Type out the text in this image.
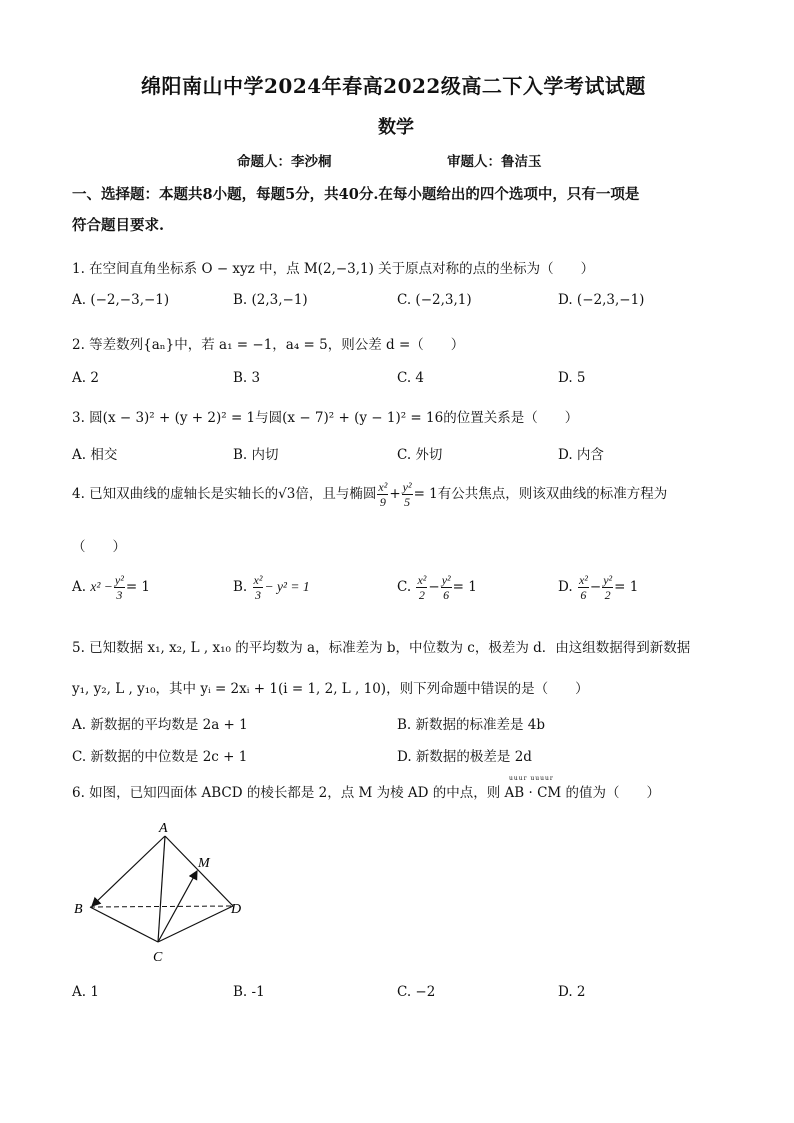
绵阳南山中学2024年春高2022级高二下入学考试试题
数学
命题人：李沙桐	审题人：鲁洁玉
一、选择题：本题共8小题，每题5分，共40分.在每小题给出的四个选项中，只有一项是
符合题目要求.
1. 在空间直角坐标系 O − xyz 中，点 M(2,−3,1) 关于原点对称的点的坐标为（　　）
A. (−2,−3,−1)	B. (2,3,−1)	C. (−2,3,1)	D. (−2,3,−1)
2. 等差数列{aₙ}中，若 a₁ = −1，a₄ = 5，则公差 d =（　　）
A. 2	B. 3	C. 4	D. 5
3. 圆(x − 3)² + (y + 2)² = 1与圆(x − 7)² + (y − 1)² = 16的位置关系是（　　）
A. 相交	B. 内切	C. 外切	D. 内含
4. 已知双曲线的虚轴长是实轴长的√3倍，且与椭圆 $\frac{\text{x²}}{9} + \frac{\text{y²}}{5} = 1$有公共焦点，则该双曲线的标准方程为
（　　）
A. $x^2 - \frac{\text{y²}}{3} = 1$	B. $\frac{\text{x²}}{3} - y^2 = 1$	C. $\frac{\text{x²}}{2} - \frac{\text{y²}}{6} = 1$	D. $\frac{\text{x²}}{6} - \frac{\text{y²}}{2} = 1$
5. 已知数据 x₁, x₂, L , x₁₀ 的平均数为 a，标准差为 b，中位数为 c，极差为 d．由这组数据得到新数据
y₁, y₂, L , y₁₀，其中 yᵢ = 2xᵢ + 1(i = 1, 2, L , 10)，则下列命题中错误的是（　　）
A. 新数据的平均数是 2a + 1	B. 新数据的标准差是 4b
C. 新数据的中位数是 2c + 1	D. 新数据的极差是 2d
uuur uuuur
6. 如图，已知四面体 ABCD 的棱长都是 2，点 M 为棱 AD 的中点，则 AB · CM 的值为（　　）
A
B
C
D
M
A. 1	B. -1	C. −2	D. 2
